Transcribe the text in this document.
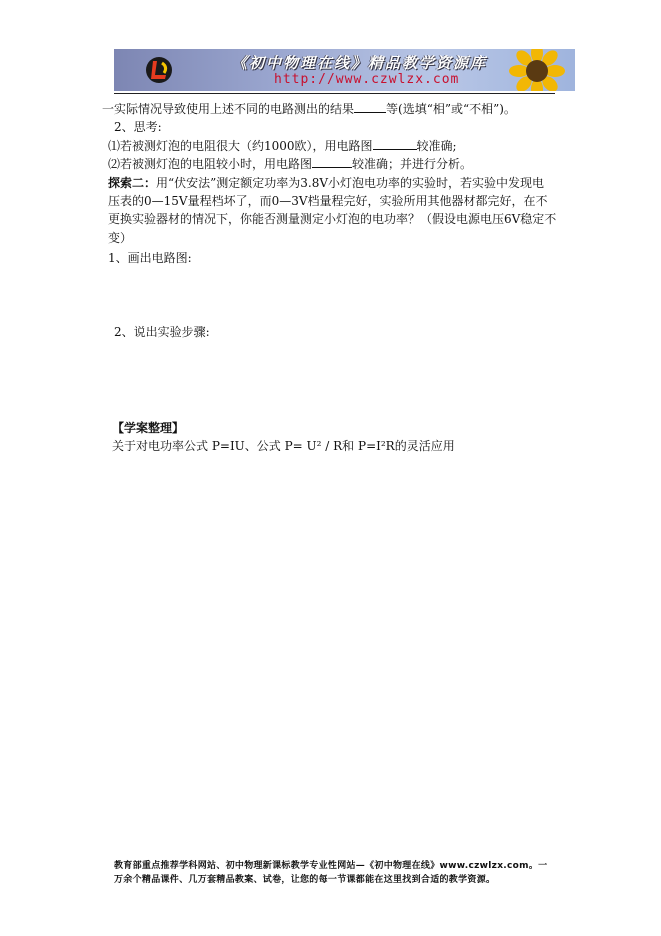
《初中物理在线》精品教学资源库
http://www.czwlzx.com
一实际情况导致使用上述不同的电路测出的结果	等(选填“相”或“不相”)。
2、思考:
⑴若被测灯泡的电阻很大（约1000欧），用电路图	较准确;
⑵若被测灯泡的电阻较小时，用电路图	较准确；并进行分析。
探索二：用“伏安法”测定额定功率为3.8V小灯泡电功率的实验时，若实验中发现电
压表的0—15V量程档坏了，而0—3V档量程完好，实验所用其他器材都完好，在不
更换实验器材的情况下，你能否测量测定小灯泡的电功率？（假设电源电压6V稳定不
变）
1、画出电路图:
2、说出实验步骤:
【学案整理】
关于对电功率公式 P=IU、公式 P= U² / R和 P=I²R的灵活应用
教育部重点推荐学科网站、初中物理新课标教学专业性网站—《初中物理在线》www.czwlzx.com。一
万余个精品课件、几万套精品教案、试卷，让您的每一节课都能在这里找到合适的教学资源。
